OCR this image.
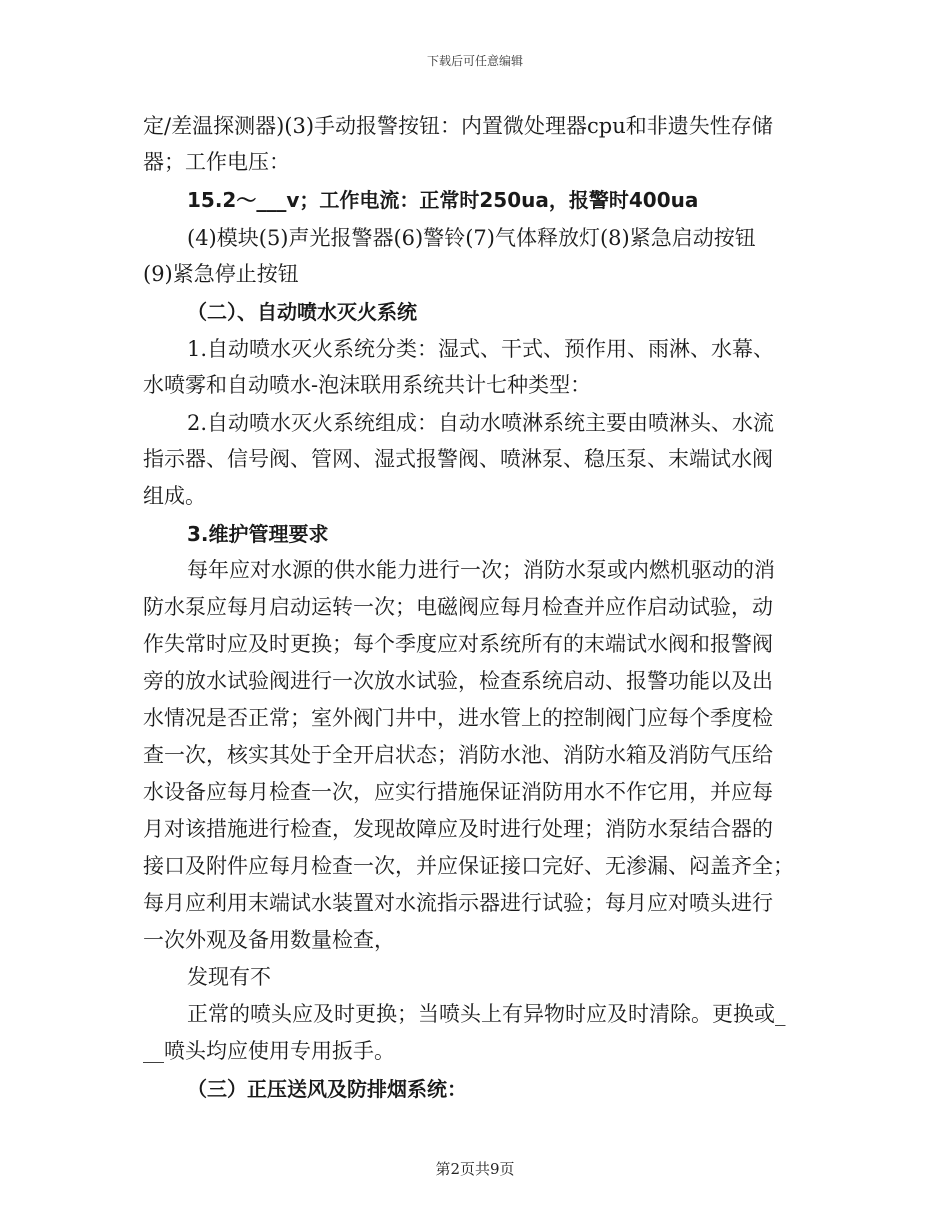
下载后可任意编辑
定/差温探测器)(3)手动报警按钮：内置微处理器cpu和非遗失性存储
器；工作电压：
15.2～___v；工作电流：正常时250ua，报警时400ua
(4)模块(5)声光报警器(6)警铃(7)气体释放灯(8)紧急启动按钮
(9)紧急停止按钮
（二）、自动喷水灭火系统
1.自动喷水灭火系统分类：湿式、干式、预作用、雨淋、水幕、
水喷雾和自动喷水-泡沫联用系统共计七种类型：
2.自动喷水灭火系统组成：自动水喷淋系统主要由喷淋头、水流
指示器、信号阀、管网、湿式报警阀、喷淋泵、稳压泵、末端试水阀
组成。
3.维护管理要求
每年应对水源的供水能力进行一次；消防水泵或内燃机驱动的消
防水泵应每月启动运转一次；电磁阀应每月检查并应作启动试验，动
作失常时应及时更换；每个季度应对系统所有的末端试水阀和报警阀
旁的放水试验阀进行一次放水试验，检查系统启动、报警功能以及出
水情况是否正常；室外阀门井中，进水管上的控制阀门应每个季度检
查一次，核实其处于全开启状态；消防水池、消防水箱及消防气压给
水设备应每月检查一次，应实行措施保证消防用水不作它用，并应每
月对该措施进行检查，发现故障应及时进行处理；消防水泵结合器的
接口及附件应每月检查一次，并应保证接口完好、无渗漏、闷盖齐全；
每月应利用末端试水装置对水流指示器进行试验；每月应对喷头进行
一次外观及备用数量检查，
发现有不
正常的喷头应及时更换；当喷头上有异物时应及时清除。更换或_
__喷头均应使用专用扳手。
（三）正压送风及防排烟系统：
第2页共9页
